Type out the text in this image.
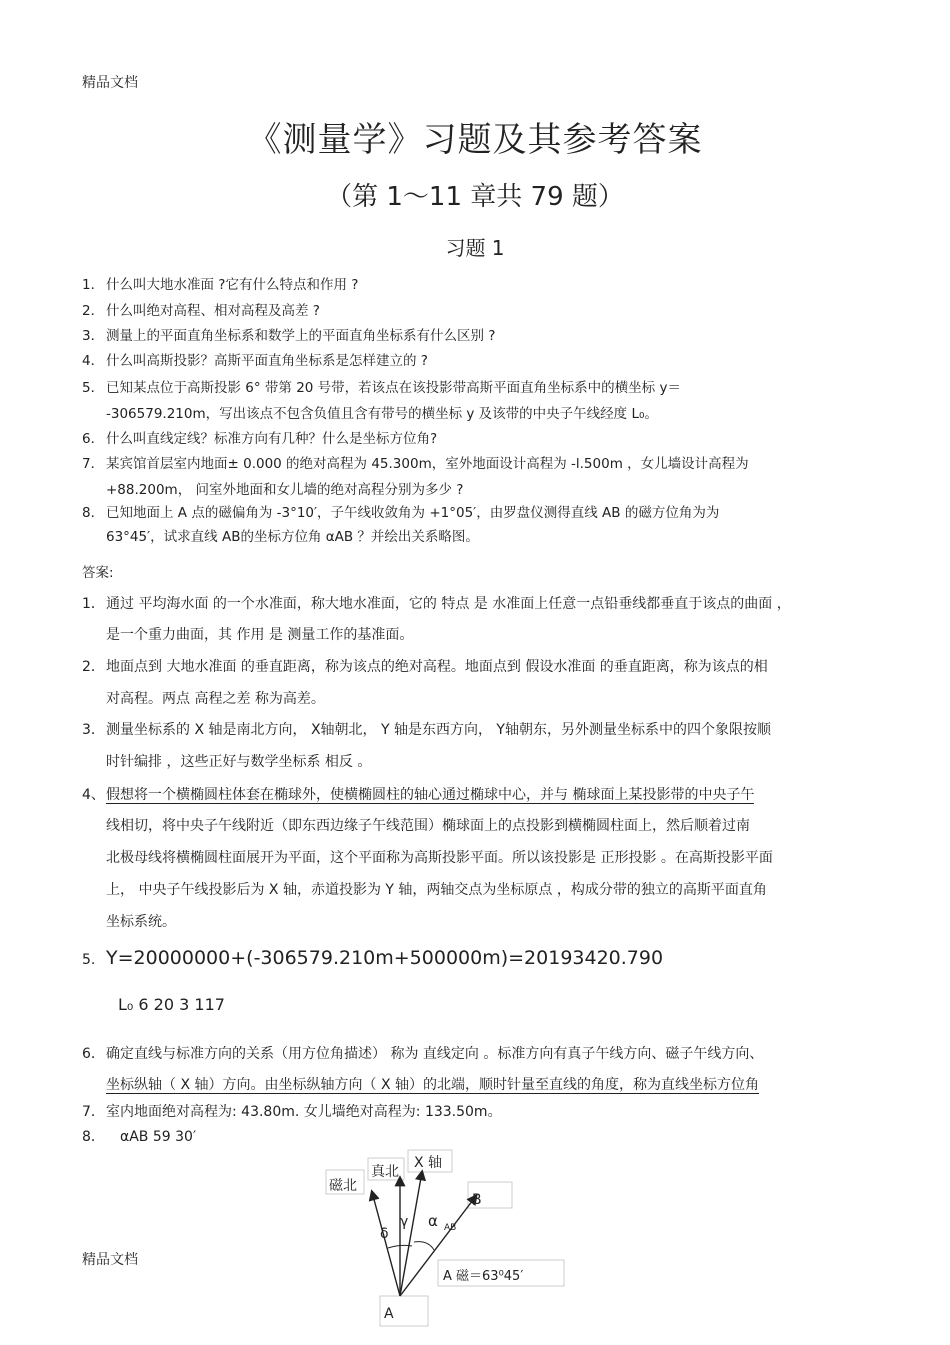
精品文档
《测量学》习题及其参考答案
（第 1～11 章共 79 题）
习题 1
1． 什么叫大地水准面 ?它有什么特点和作用 ?
2． 什么叫绝对高程、相对高程及高差 ?
3． 测量上的平面直角坐标系和数学上的平面直角坐标系有什么区别 ?
4． 什么叫高斯投影？高斯平面直角坐标系是怎样建立的 ?
5． 已知某点位于高斯投影 6° 带第 20 号带，若该点在该投影带高斯平面直角坐标系中的横坐标 y＝
-306579.210m，写出该点不包含负值且含有带号的横坐标 y 及该带的中央子午线经度 L₀。
6． 什么叫直线定线？标准方向有几种？什么是坐标方位角?
7． 某宾馆首层室内地面± 0.000 的绝对高程为 45.300m，室外地面设计高程为 -l.500m ，女儿墙设计高程为
+88.200m， 问室外地面和女儿墙的绝对高程分别为多少 ?
8． 已知地面上 A 点的磁偏角为 -3°10′，子午线收敛角为 +1°05′，由罗盘仪测得直线 AB 的磁方位角为为
63°45′，试求直线 AB的坐标方位角 αAB ？并绘出关系略图。
答案:
1．通过 平均海水面 的一个水准面，称大地水准面，它的 特点 是 水准面上任意一点铅垂线都垂直于该点的曲面 ，
是一个重力曲面，其 作用 是 测量工作的基准面。
2．地面点到 大地水准面 的垂直距离，称为该点的绝对高程。地面点到 假设水准面 的垂直距离，称为该点的相
对高程。两点 高程之差 称为高差。
3．测量坐标系的 X 轴是南北方向， X轴朝北， Y 轴是东西方向， Y轴朝东，另外测量坐标系中的四个象限按顺
时针编排 ，这些正好与数学坐标系 相反 。
4、假想将一个横椭圆柱体套在椭球外，使横椭圆柱的轴心通过椭球中心，并与 椭球面上某投影带的中央子午
线相切，将中央子午线附近（即东西边缘子午线范围）椭球面上的点投影到横椭圆柱面上，然后顺着过南
北极母线将横椭圆柱面展开为平面，这个平面称为高斯投影平面。所以该投影是 正形投影 。在高斯投影平面
上， 中央子午线投影后为 X 轴，赤道投影为 Y 轴，两轴交点为坐标原点 ，构成分带的独立的高斯平面直角
坐标系统。
5. Y=20000000+(-306579.210m+500000m)=20193420.790
L₀ 6 20 3 117
6．确定直线与标准方向的关系（用方位角描述） 称为 直线定向 。标准方向有真子午线方向、磁子午线方向、
坐标纵轴（ X 轴）方向。由坐标纵轴方向（ X 轴）的北端，顺时针量至直线的角度，称为直线坐标方位角
7．室内地面绝对高程为: 43.80m. 女儿墙绝对高程为: 133.50m。
8． αAB 59 30′
精品文档
磁北
真北
X 轴
B
δ
γ α AB
A 磁＝63⁰45′
A
